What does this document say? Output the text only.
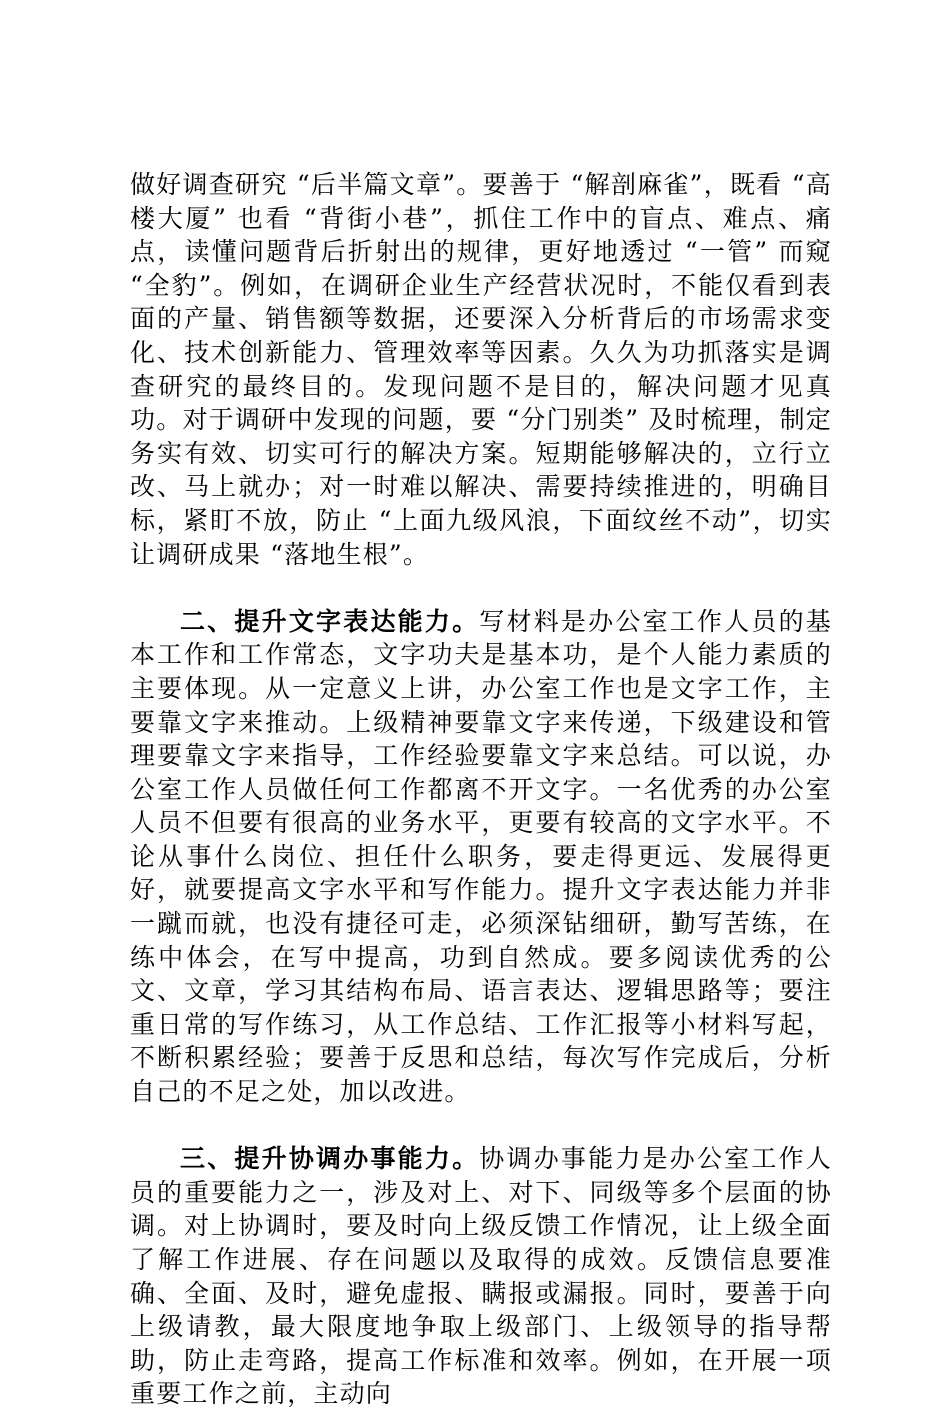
做好调查研究 “后半篇文章”。要善于 “解剖麻雀”，既看 “高楼大厦” 也看 “背街小巷”，抓住工作中的盲点、难点、痛点，读懂问题背后折射出的规律，更好地透过 “一管” 而窥 “全豹”。例如，在调研企业生产经营状况时，不能仅看到表面的产量、销售额等数据，还要深入分析背后的市场需求变化、技术创新能力、管理效率等因素。久久为功抓落实是调查研究的最终目的。发现问题不是目的，解决问题才见真功。对于调研中发现的问题，要 “分门别类” 及时梳理，制定务实有效、切实可行的解决方案。短期能够解决的，立行立改、马上就办；对一时难以解决、需要持续推进的，明确目标，紧盯不放，防止 “上面九级风浪，下面纹丝不动”，切实让调研成果 “落地生根”。

二、提升文字表达能力。写材料是办公室工作人员的基本工作和工作常态，文字功夫是基本功，是个人能力素质的主要体现。从一定意义上讲，办公室工作也是文字工作，主要靠文字来推动。上级精神要靠文字来传递，下级建设和管理要靠文字来指导，工作经验要靠文字来总结。可以说，办公室工作人员做任何工作都离不开文字。一名优秀的办公室人员不但要有很高的业务水平，更要有较高的文字水平。不论从事什么岗位、担任什么职务，要走得更远、发展得更好，就要提高文字水平和写作能力。提升文字表达能力并非一蹴而就，也没有捷径可走，必须深钻细研，勤写苦练，在练中体会，在写中提高，功到自然成。要多阅读优秀的公文、文章，学习其结构布局、语言表达、逻辑思路等；要注重日常的写作练习，从工作总结、工作汇报等小材料写起，不断积累经验；要善于反思和总结，每次写作完成后，分析自己的不足之处，加以改进。

三、提升协调办事能力。协调办事能力是办公室工作人员的重要能力之一，涉及对上、对下、同级等多个层面的协调。对上协调时，要及时向上级反馈工作情况，让上级全面了解工作进展、存在问题以及取得的成效。反馈信息要准确、全面、及时，避免虚报、瞒报或漏报。同时，要善于向上级请教，最大限度地争取上级部门、上级领导的指导帮助，防止走弯路，提高工作标准和效率。例如，在开展一项重要工作之前，主动向
